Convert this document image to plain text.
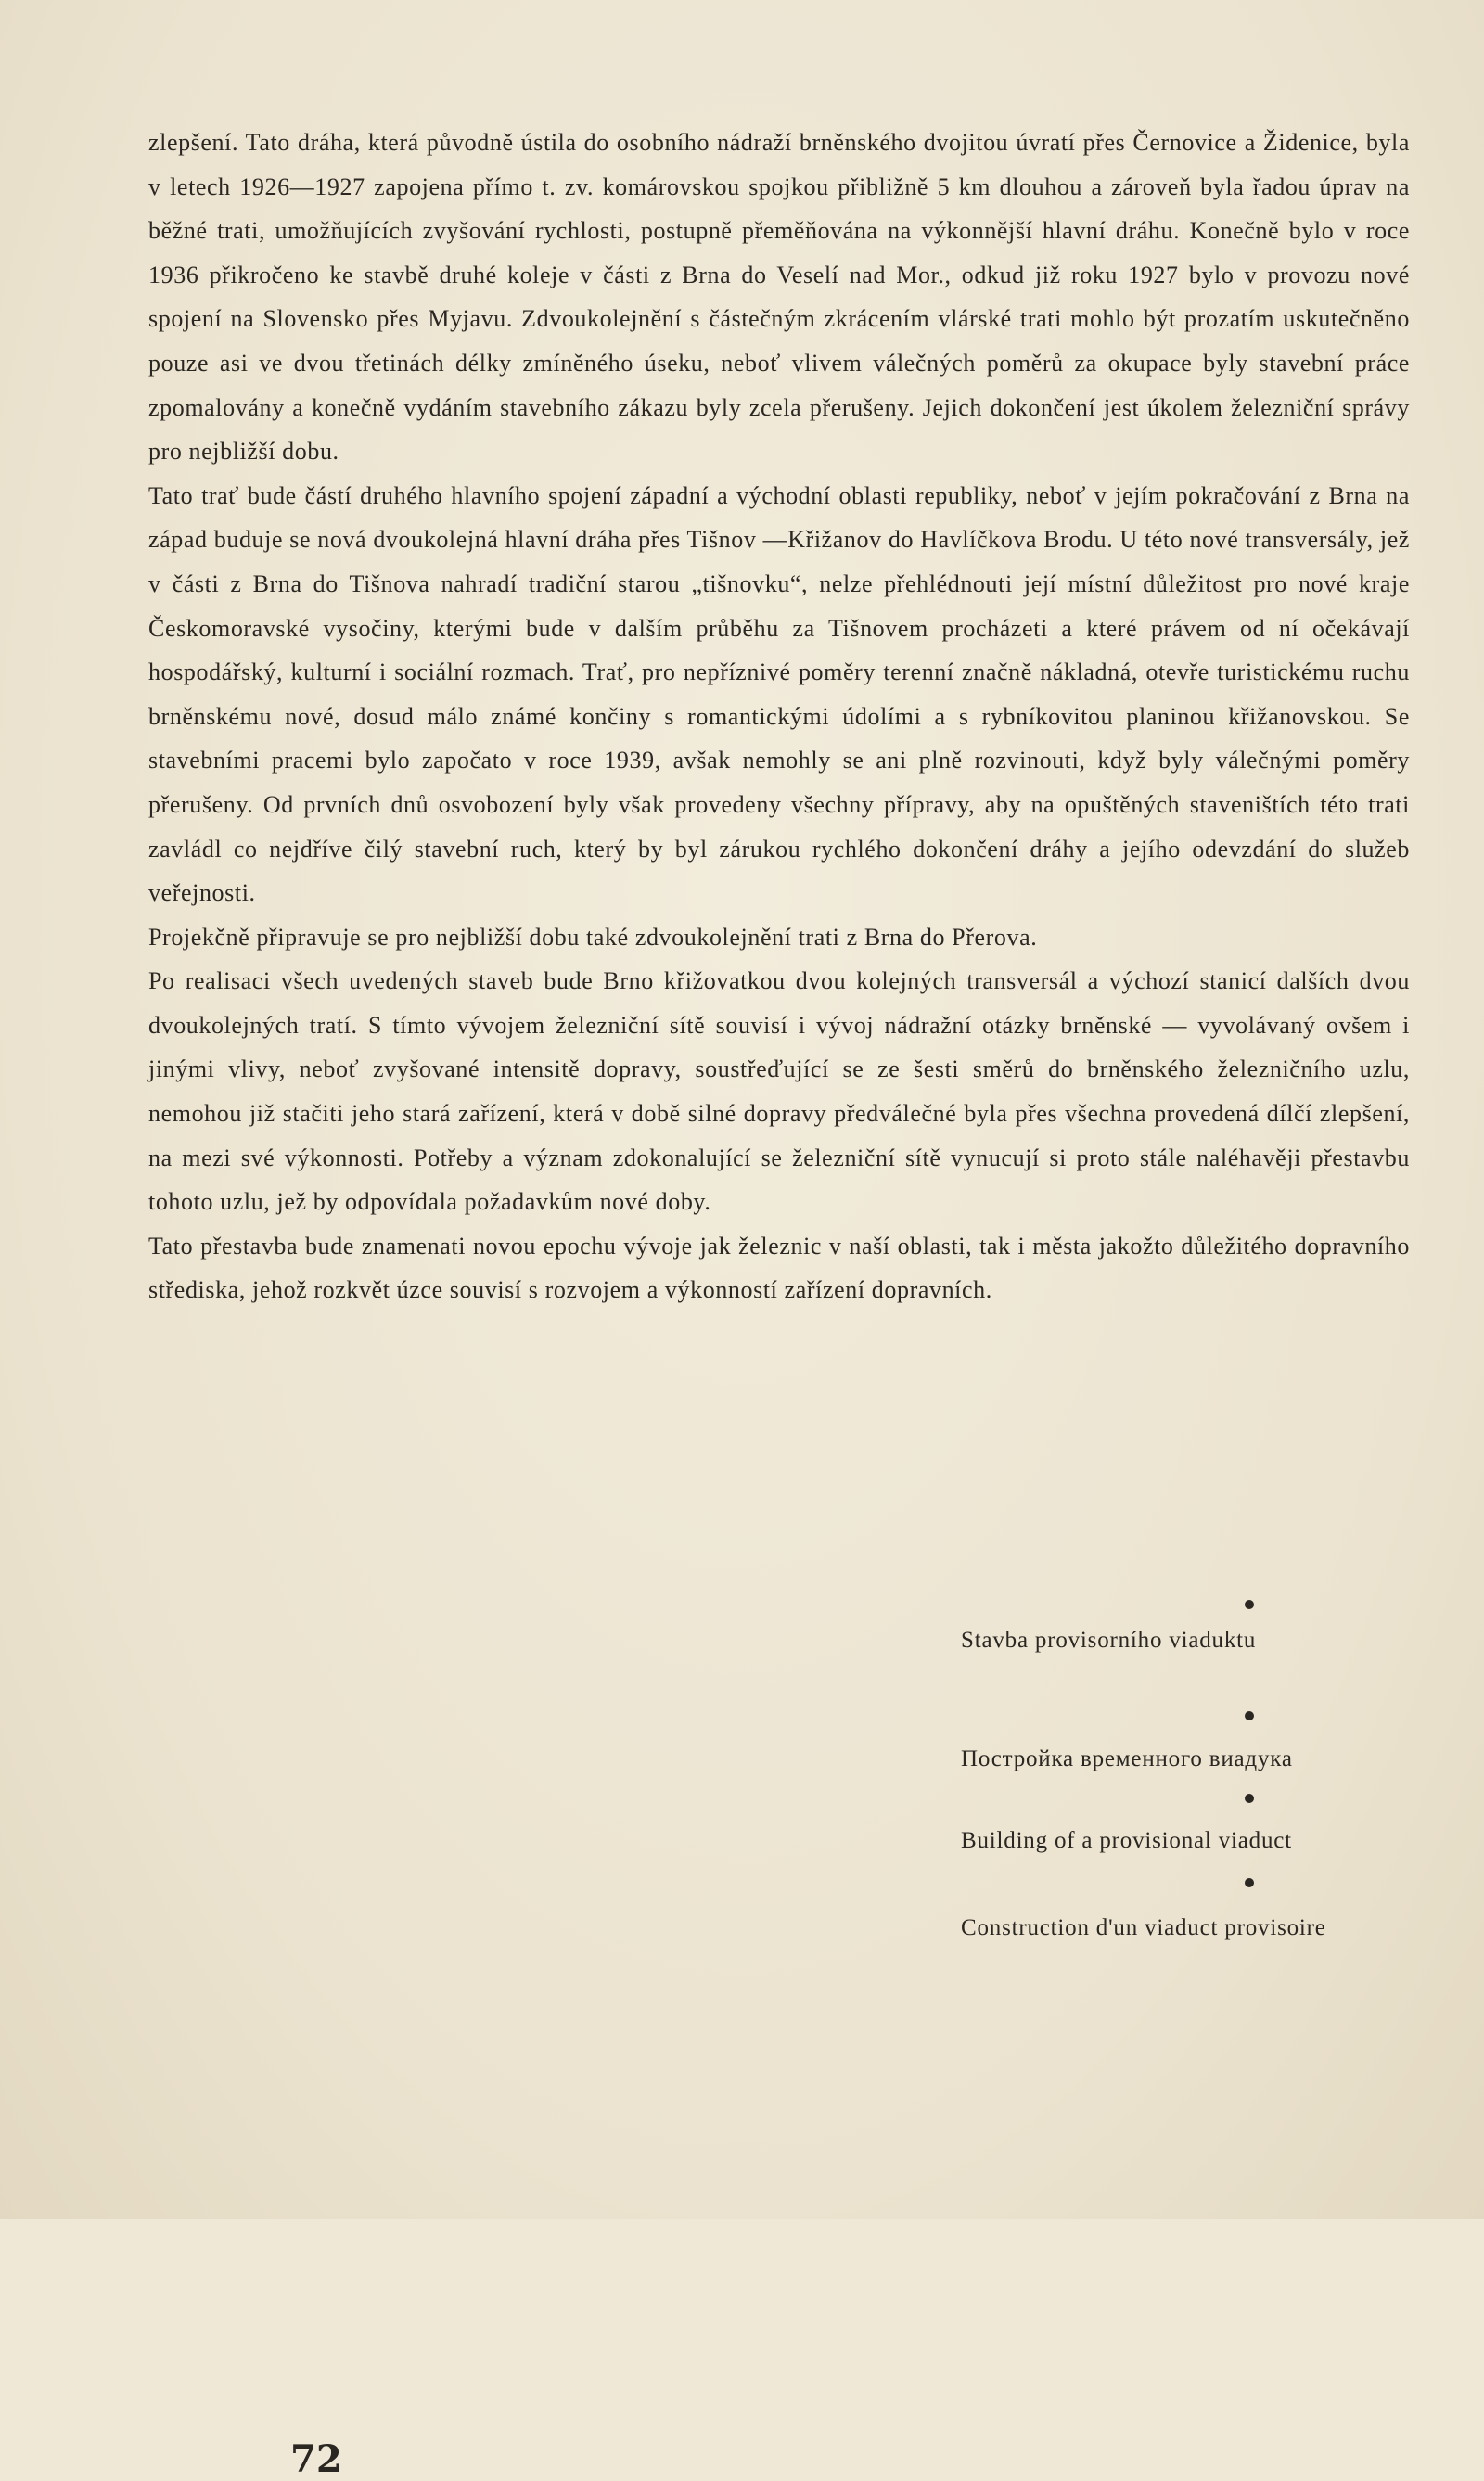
zlepšení. Tato dráha, která původně ústila do osobního nádraží brněnského dvojitou úvratí přes Černovice a Židenice, byla v letech 1926—1927 zapojena přímo t. zv. komárovskou spojkou přibližně 5 km dlouhou a zároveň byla řadou úprav na běžné trati, umožňujících zvyšování rychlosti, postupně přeměňována na výkonnější hlavní dráhu. Konečně bylo v roce 1936 přikročeno ke stavbě druhé koleje v části z Brna do Veselí nad Mor., odkud již roku 1927 bylo v provozu nové spojení na Slovensko přes Myjavu. Zdvoukolejnění s částečným zkrácením vlárské trati mohlo být prozatím uskutečněno pouze asi ve dvou třetinách délky zmíněného úseku, neboť vlivem válečných poměrů za okupace byly stavební práce zpomalovány a konečně vydáním stavebního zákazu byly zcela přerušeny. Jejich dokončení jest úkolem železniční správy pro nejbližší dobu.

Tato trať bude částí druhého hlavního spojení západní a východní oblasti republiky, neboť v jejím pokračování z Brna na západ buduje se nová dvoukolejná hlavní dráha přes Tišnov —Křižanov do Havlíčkova Brodu. U této nové transversály, jež v části z Brna do Tišnova nahradí tradiční starou „tišnovku“, nelze přehlédnouti její místní důležitost pro nové kraje Českomoravské vysočiny, kterými bude v dalším průběhu za Tišnovem procházeti a které právem od ní očekávají hospodářský, kulturní i sociální rozmach. Trať, pro nepříznivé poměry terenní značně nákladná, otevře turistickému ruchu brněnskému nové, dosud málo známé končiny s romantickými údolími a s rybníkovitou planinou křižanovskou. Se stavebními pracemi bylo započato v roce 1939, avšak nemohly se ani plně rozvinouti, když byly válečnými poměry přerušeny. Od prvních dnů osvobození byly však provedeny všechny přípravy, aby na opuštěných staveništích této trati zavládl co nejdříve čilý stavební ruch, který by byl zárukou rychlého dokončení dráhy a jejího odevzdání do služeb veřejnosti.

Projekčně připravuje se pro nejbližší dobu také zdvoukolejnění trati z Brna do Přerova.

Po realisaci všech uvedených staveb bude Brno křižovatkou dvou kolejných transversál a výchozí stanicí dalších dvou dvoukolejných tratí. S tímto vývojem železniční sítě souvisí i vývoj nádražní otázky brněnské — vyvolávaný ovšem i jinými vlivy, neboť zvyšované intensitě dopravy, soustřeďující se ze šesti směrů do brněnského železničního uzlu, nemohou již stačiti jeho stará zařízení, která v době silné dopravy předválečné byla přes všechna provedená dílčí zlepšení, na mezi své výkonnosti. Potřeby a význam zdokonalující se železniční sítě vynucují si proto stále naléhavěji přestavbu tohoto uzlu, jež by odpovídala požadavkům nové doby.

Tato přestavba bude znamenati novou epochu vývoje jak železnic v naší oblasti, tak i města jakožto důležitého dopravního střediska, jehož rozkvět úzce souvisí s rozvojem a výkonností zařízení dopravních.

Stavba provisorního viaduktu
Постройка временного виадука
Building of a provisional viaduct
Construction d'un viaduct provisoire
72
